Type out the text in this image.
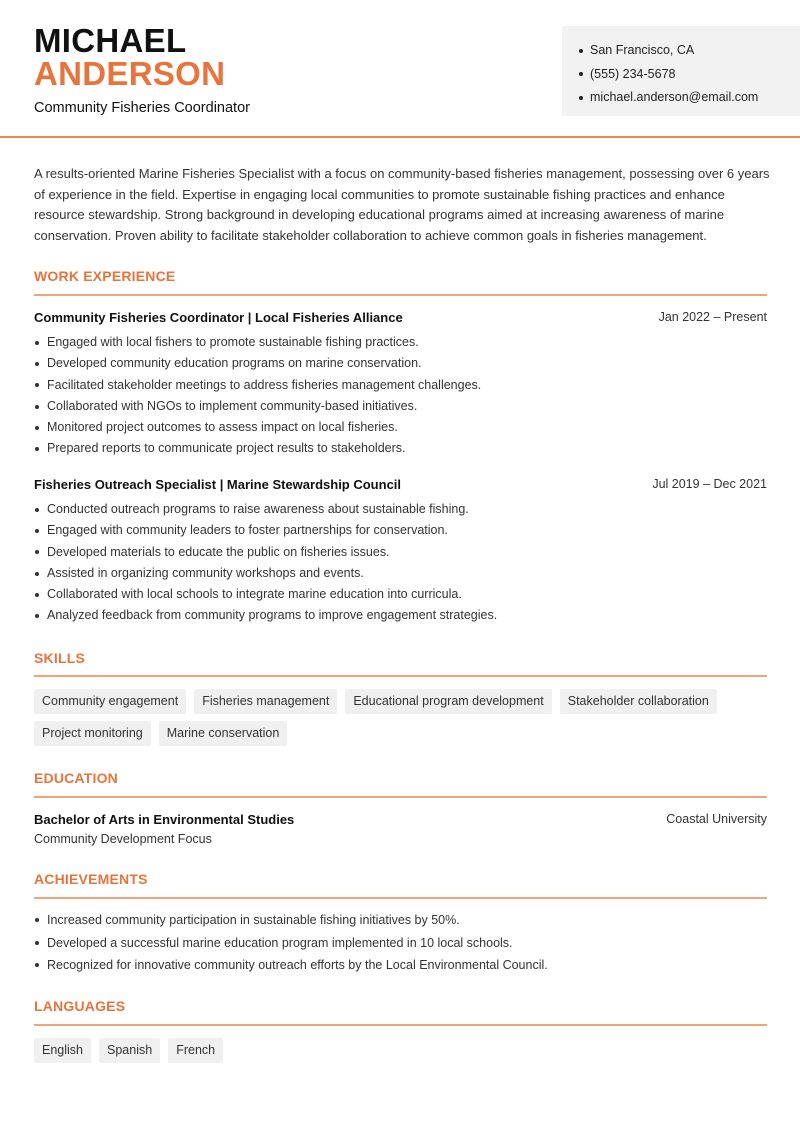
MICHAEL
ANDERSON
Community Fisheries Coordinator
San Francisco, CA
(555) 234-5678
michael.anderson@email.com
A results-oriented Marine Fisheries Specialist with a focus on community-based fisheries management, possessing over 6 years of experience in the field. Expertise in engaging local communities to promote sustainable fishing practices and enhance resource stewardship. Strong background in developing educational programs aimed at increasing awareness of marine conservation. Proven ability to facilitate stakeholder collaboration to achieve common goals in fisheries management.
WORK EXPERIENCE
Community Fisheries Coordinator | Local Fisheries Alliance	Jan 2022 – Present
Engaged with local fishers to promote sustainable fishing practices.
Developed community education programs on marine conservation.
Facilitated stakeholder meetings to address fisheries management challenges.
Collaborated with NGOs to implement community-based initiatives.
Monitored project outcomes to assess impact on local fisheries.
Prepared reports to communicate project results to stakeholders.
Fisheries Outreach Specialist | Marine Stewardship Council	Jul 2019 – Dec 2021
Conducted outreach programs to raise awareness about sustainable fishing.
Engaged with community leaders to foster partnerships for conservation.
Developed materials to educate the public on fisheries issues.
Assisted in organizing community workshops and events.
Collaborated with local schools to integrate marine education into curricula.
Analyzed feedback from community programs to improve engagement strategies.
SKILLS
Community engagement	Fisheries management	Educational program development	Stakeholder collaboration
Project monitoring	Marine conservation
EDUCATION
Bachelor of Arts in Environmental Studies	Coastal University
Community Development Focus
ACHIEVEMENTS
Increased community participation in sustainable fishing initiatives by 50%.
Developed a successful marine education program implemented in 10 local schools.
Recognized for innovative community outreach efforts by the Local Environmental Council.
LANGUAGES
English	Spanish	French
